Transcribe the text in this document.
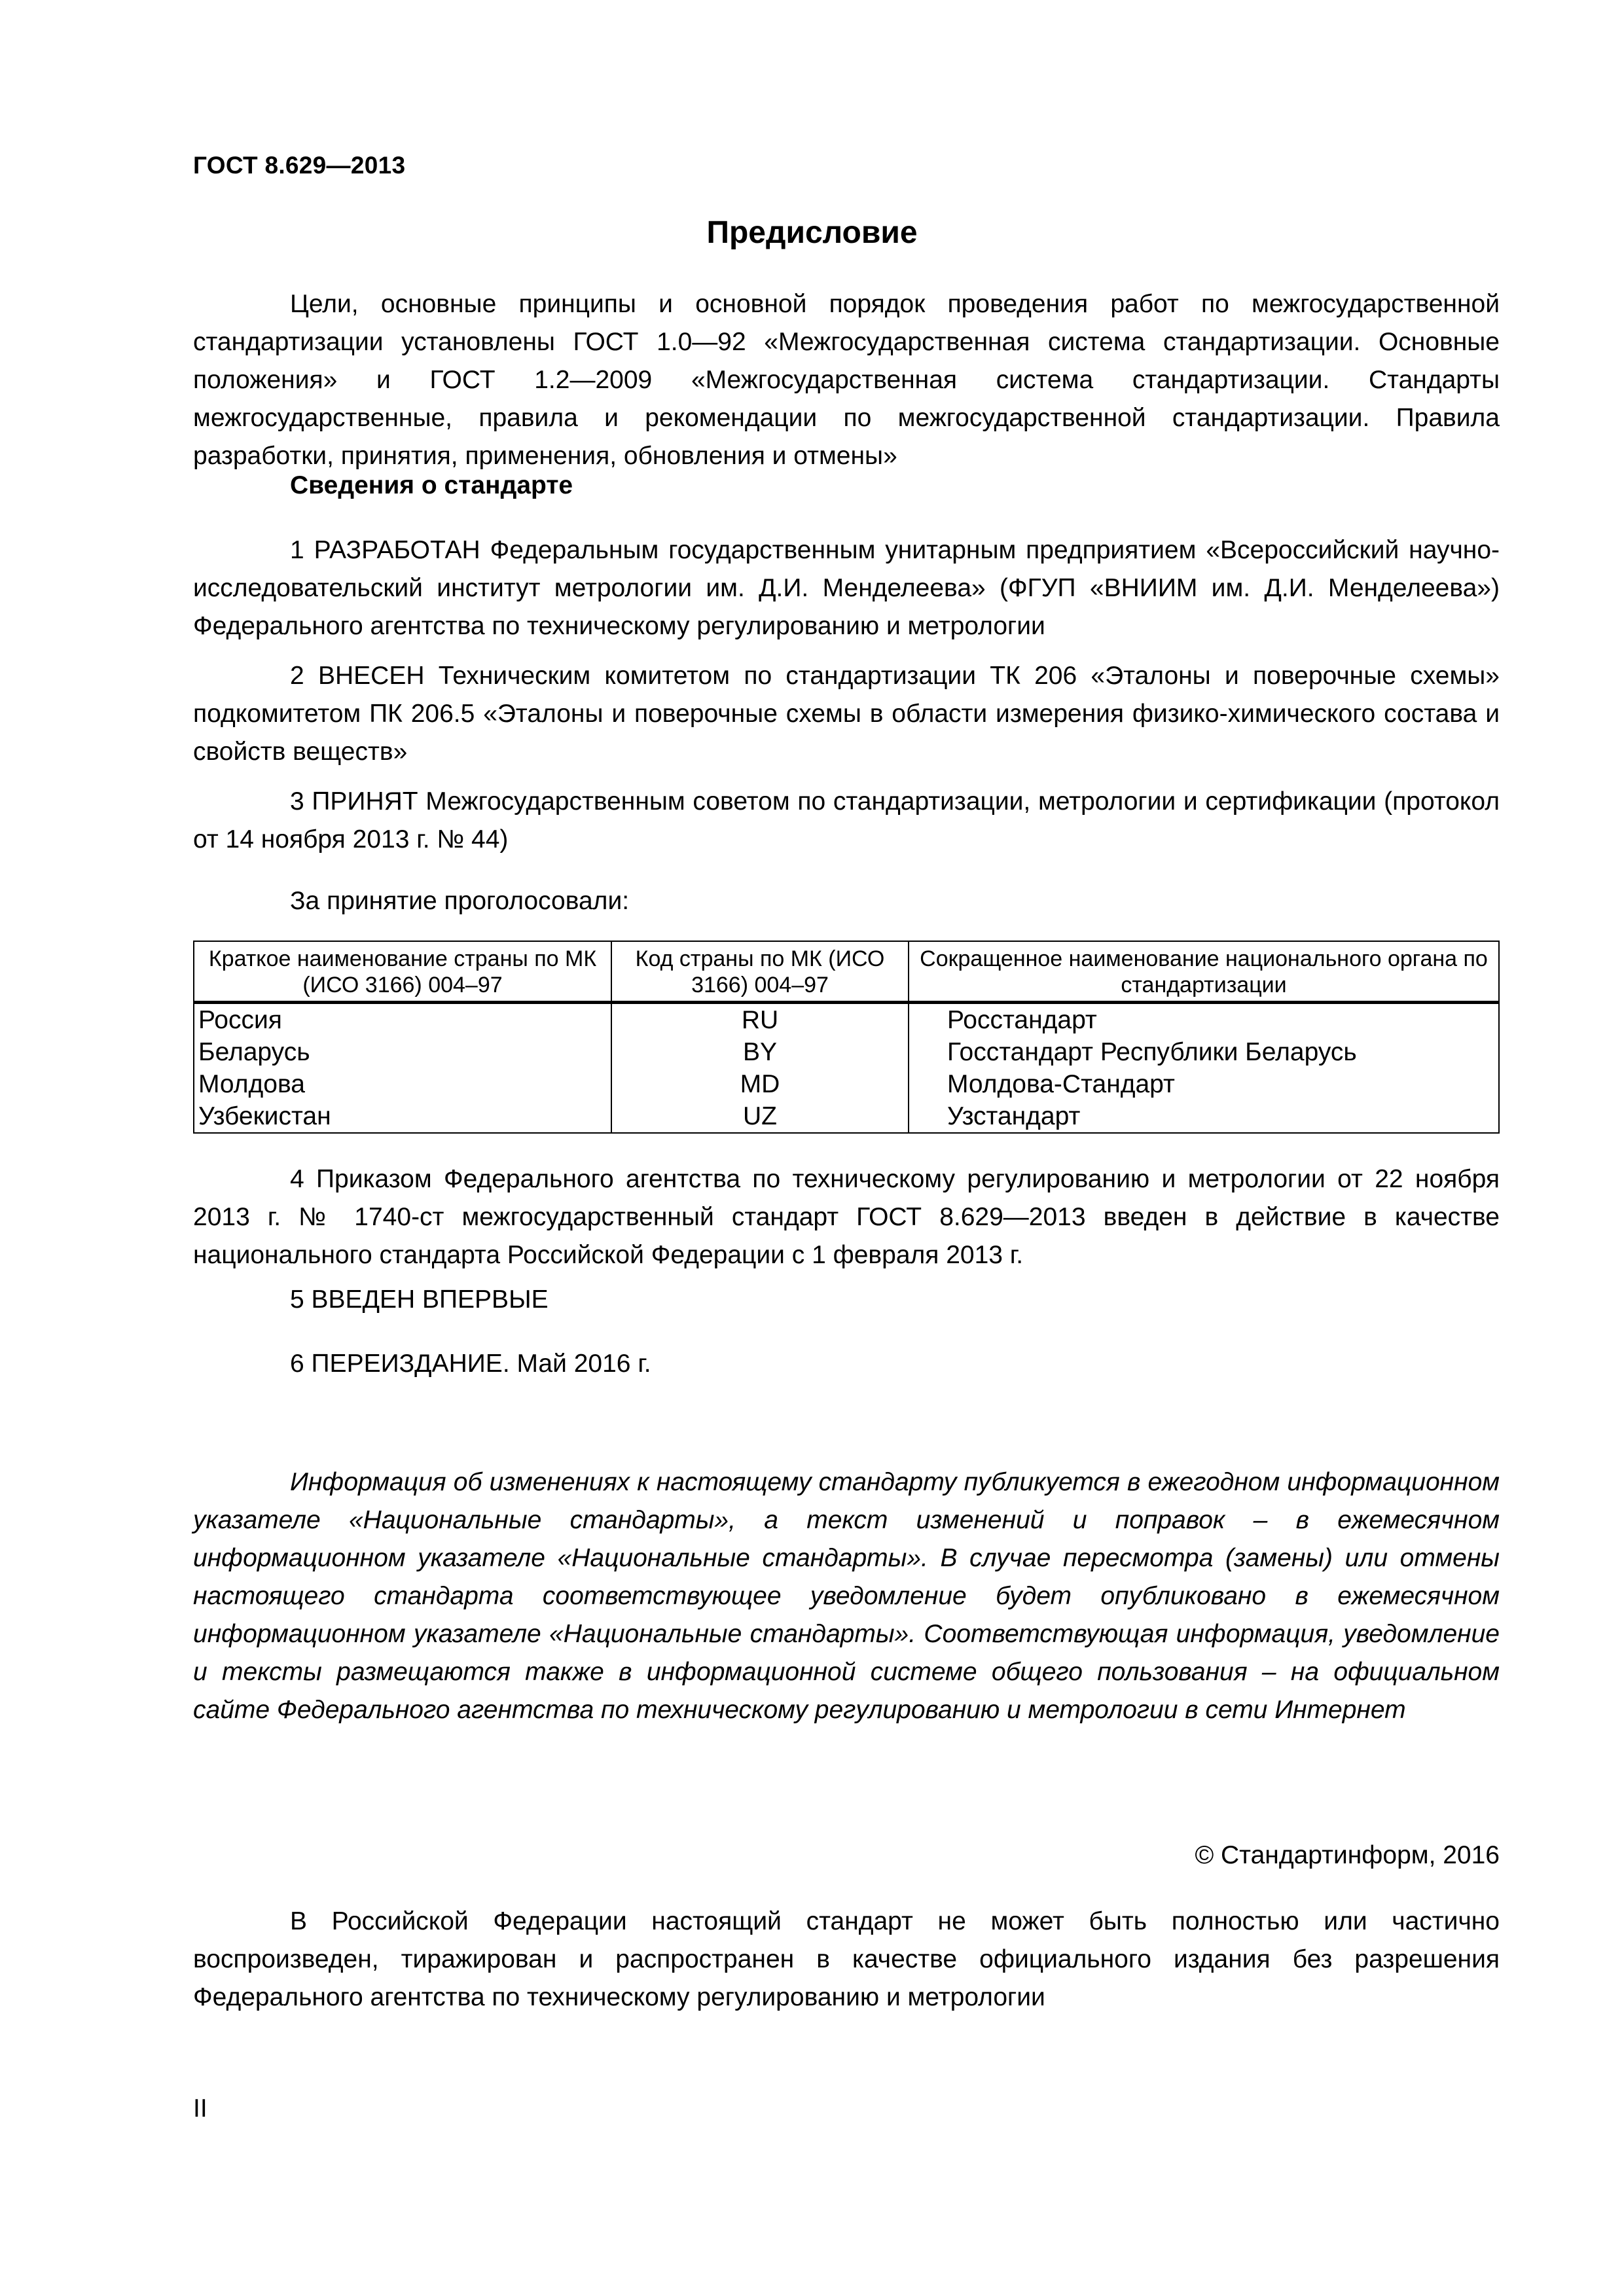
ГОСТ 8.629—2013
Предисловие

Цели, основные принципы и основной порядок проведения работ по межгосударственной стандартизации установлены ГОСТ 1.0—92 «Межгосударственная система стандартизации. Основные положения» и ГОСТ 1.2—2009 «Межгосударственная система стандартизации. Стандарты межгосударственные, правила и рекомендации по межгосударственной стандартизации. Правила разработки, принятия, применения, обновления и отмены»

Сведения о стандарте

1 РАЗРАБОТАН Федеральным государственным унитарным предприятием «Всероссийский научно-исследовательский институт метрологии им. Д.И. Менделеева» (ФГУП «ВНИИМ им. Д.И. Менделеева») Федерального агентства по техническому регулированию и метрологии

2 ВНЕСЕН Техническим комитетом по стандартизации ТК 206 «Эталоны и поверочные схемы» подкомитетом ПК 206.5 «Эталоны и поверочные схемы в области измерения физико-химического состава и свойств веществ»

3 ПРИНЯТ Межгосударственным советом по стандартизации, метрологии и сертификации (протокол от 14 ноября 2013 г. № 44)

За принятие проголосовали:
Краткое наименование страны по МК (ИСО 3166) 004–97	Код страны по МК (ИСО 3166) 004–97	Сокращенное наименование национального органа по стандартизации
Россия	RU	Росстандарт
Беларусь	BY	Госстандарт Республики Беларусь
Молдова	MD	Молдова-Стандарт
Узбекистан	UZ	Узстандарт

4 Приказом Федерального агентства по техническому регулированию и метрологии от 22 ноября 2013 г. № 1740-ст межгосударственный стандарт ГОСТ 8.629—2013 введен в действие в качестве национального стандарта Российской Федерации с 1 февраля 2013 г.

5 ВВЕДЕН ВПЕРВЫЕ
6 ПЕРЕИЗДАНИЕ. Май 2016 г.

Информация об изменениях к настоящему стандарту публикуется в ежегодном информационном указателе «Национальные стандарты», а текст изменений и поправок – в ежемесячном информационном указателе «Национальные стандарты». В случае пересмотра (замены) или отмены настоящего стандарта соответствующее уведомление будет опубликовано в ежемесячном информационном указателе «Национальные стандарты». Соответствующая информация, уведомление и тексты размещаются также в информационной системе общего пользования – на официальном сайте Федерального агентства по техническому регулированию и метрологии в сети Интернет

© Стандартинформ, 2016

В Российской Федерации настоящий стандарт не может быть полностью или частично воспроизведен, тиражирован и распространен в качестве официального издания без разрешения Федерального агентства по техническому регулированию и метрологии

II
